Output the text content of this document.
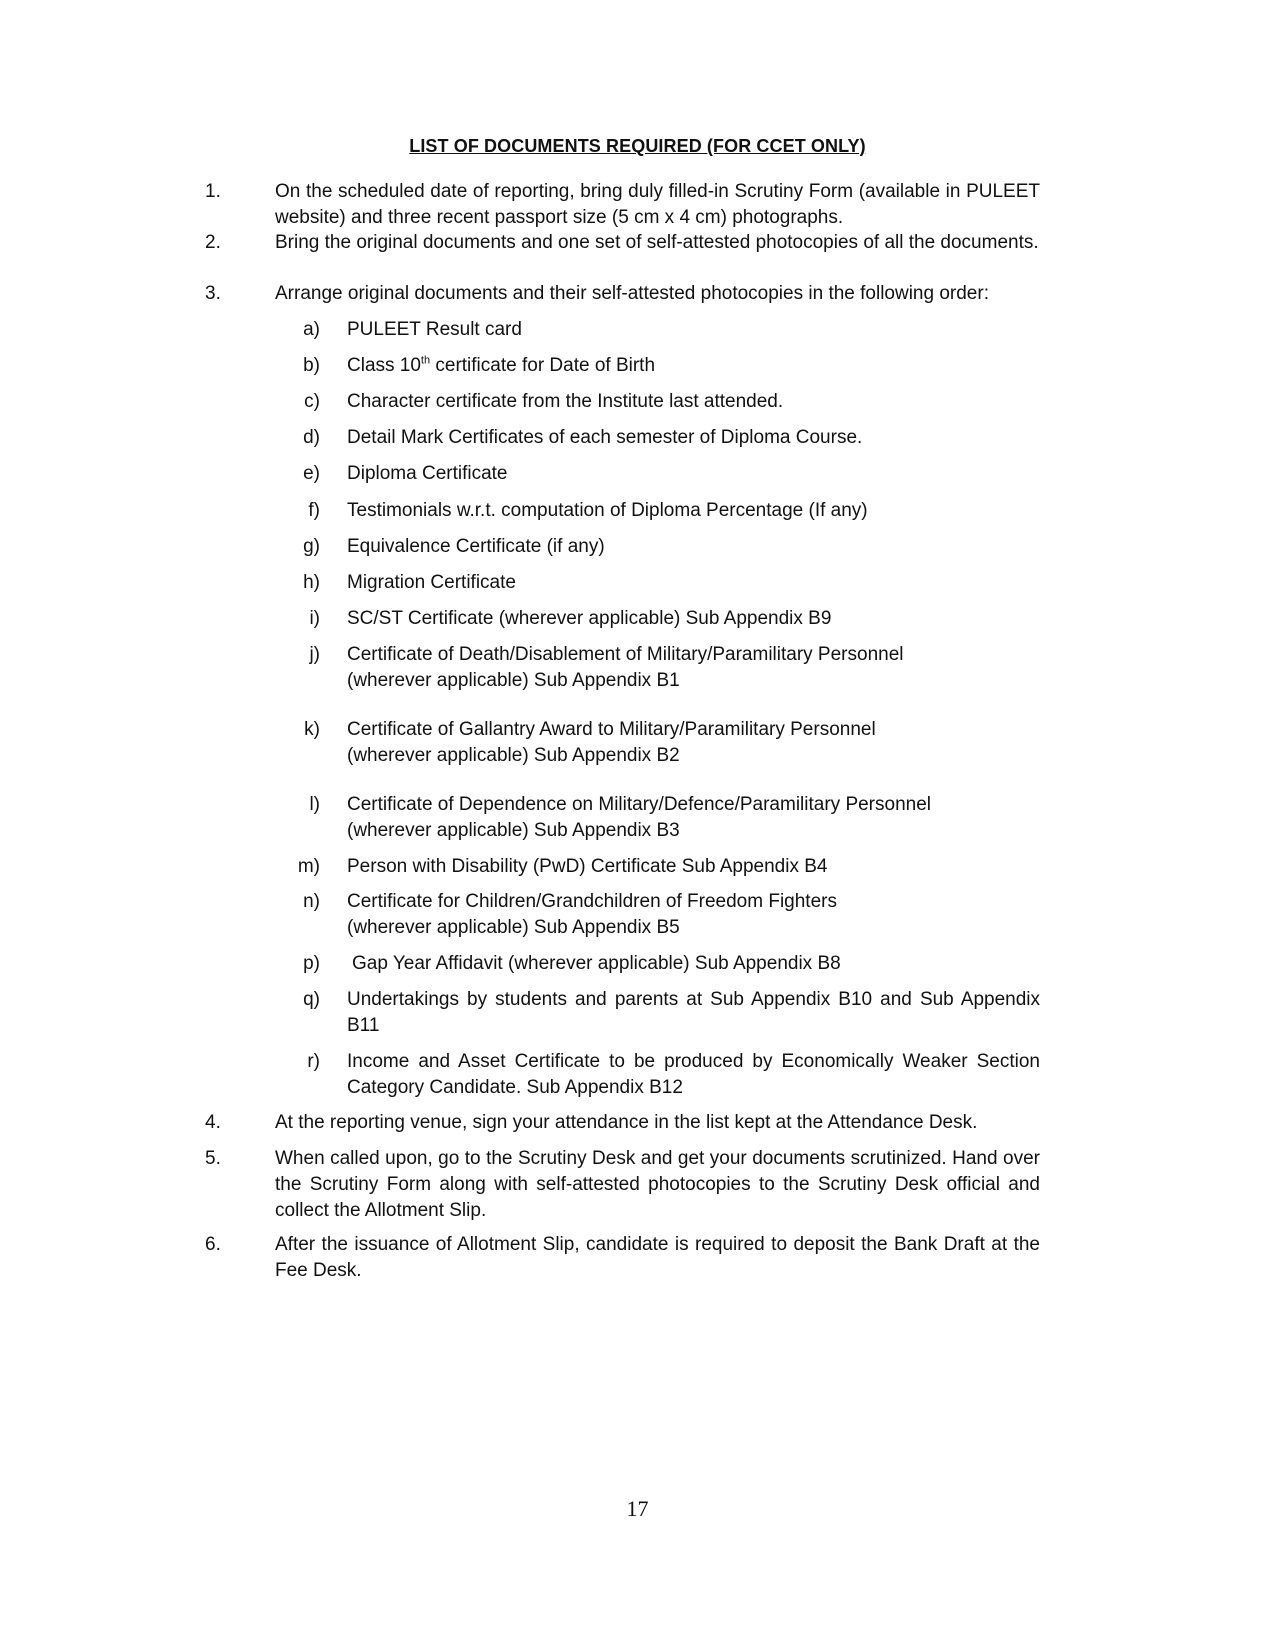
LIST OF DOCUMENTS REQUIRED (FOR CCET ONLY)
1.	On the scheduled date of reporting, bring duly filled-in Scrutiny Form (available in PULEET website) and three recent passport size (5 cm x 4 cm) photographs.
2.	Bring the original documents and one set of self-attested photocopies of all the documents.
3.	Arrange original documents and their self-attested photocopies in the following order:
a) PULEET Result card
b) Class 10th certificate for Date of Birth
c) Character certificate from the Institute last attended.
d) Detail Mark Certificates of each semester of Diploma Course.
e) Diploma Certificate
f) Testimonials w.r.t. computation of Diploma Percentage (If any)
g) Equivalence Certificate (if any)
h) Migration Certificate
i) SC/ST Certificate (wherever applicable) Sub Appendix B9
j) Certificate of Death/Disablement of Military/Paramilitary Personnel
(wherever applicable) Sub Appendix B1
k) Certificate of Gallantry Award to Military/Paramilitary Personnel
(wherever applicable) Sub Appendix B2
l) Certificate of Dependence on Military/Defence/Paramilitary Personnel
(wherever applicable) Sub Appendix B3
m) Person with Disability (PwD) Certificate Sub Appendix B4
n) Certificate for Children/Grandchildren of Freedom Fighters
(wherever applicable) Sub Appendix B5
p) Gap Year Affidavit (wherever applicable) Sub Appendix B8
q) Undertakings by students and parents at Sub Appendix B10 and Sub Appendix B11
r) Income and Asset Certificate to be produced by Economically Weaker Section Category Candidate. Sub Appendix B12
4.	At the reporting venue, sign your attendance in the list kept at the Attendance Desk.
5.	When called upon, go to the Scrutiny Desk and get your documents scrutinized. Hand over the Scrutiny Form along with self-attested photocopies to the Scrutiny Desk official and collect the Allotment Slip.
6.	After the issuance of Allotment Slip, candidate is required to deposit the Bank Draft at the Fee Desk.
17
